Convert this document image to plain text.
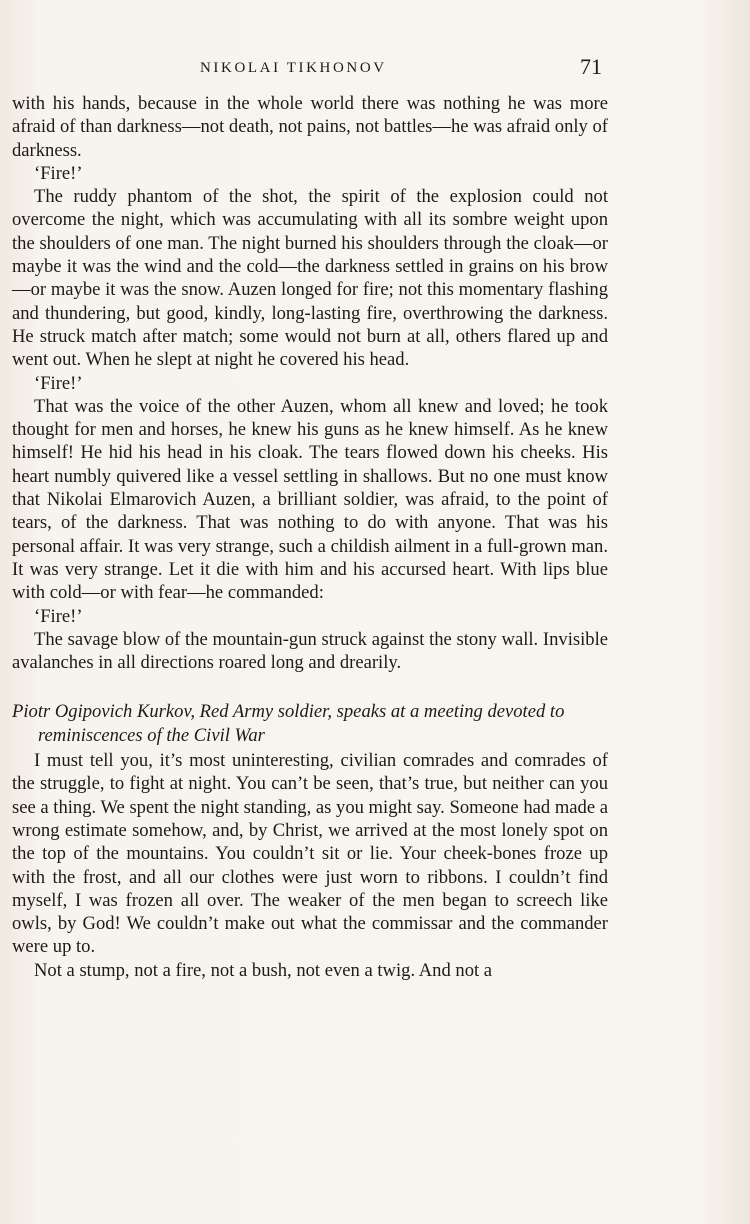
NIKOLAI TIKHONOV	71

with his hands, because in the whole world there was nothing he was more afraid of than darkness—not death, not pains, not battles—he was afraid only of darkness.

‘Fire!’

The ruddy phantom of the shot, the spirit of the explosion could not overcome the night, which was accumulating with all its sombre weight upon the shoulders of one man. The night burned his shoulders through the cloak—or maybe it was the wind and the cold—the darkness settled in grains on his brow—or maybe it was the snow. Auzen longed for fire; not this momentary flashing and thundering, but good, kindly, long-lasting fire, overthrowing the darkness. He struck match after match; some would not burn at all, others flared up and went out. When he slept at night he covered his head.

‘Fire!’

That was the voice of the other Auzen, whom all knew and loved; he took thought for men and horses, he knew his guns as he knew himself. As he knew himself! He hid his head in his cloak. The tears flowed down his cheeks. His heart numbly quivered like a vessel settling in shallows. But no one must know that Nikolai Elmarovich Auzen, a brilliant soldier, was afraid, to the point of tears, of the darkness. That was nothing to do with anyone. That was his personal affair. It was very strange, such a childish ailment in a full-grown man. It was very strange. Let it die with him and his accursed heart. With lips blue with cold—or with fear—he commanded:

‘Fire!’

The savage blow of the mountain-gun struck against the stony wall. Invisible avalanches in all directions roared long and drearily.

Piotr Ogipovich Kurkov, Red Army soldier, speaks at a meeting devoted to reminiscences of the Civil War

I must tell you, it’s most uninteresting, civilian comrades and comrades of the struggle, to fight at night. You can’t be seen, that’s true, but neither can you see a thing. We spent the night standing, as you might say. Someone had made a wrong estimate somehow, and, by Christ, we arrived at the most lonely spot on the top of the mountains. You couldn’t sit or lie. Your cheek-bones froze up with the frost, and all our clothes were just worn to ribbons. I couldn’t find myself, I was frozen all over. The weaker of the men began to screech like owls, by God! We couldn’t make out what the commissar and the commander were up to.

Not a stump, not a fire, not a bush, not even a twig. And not a
